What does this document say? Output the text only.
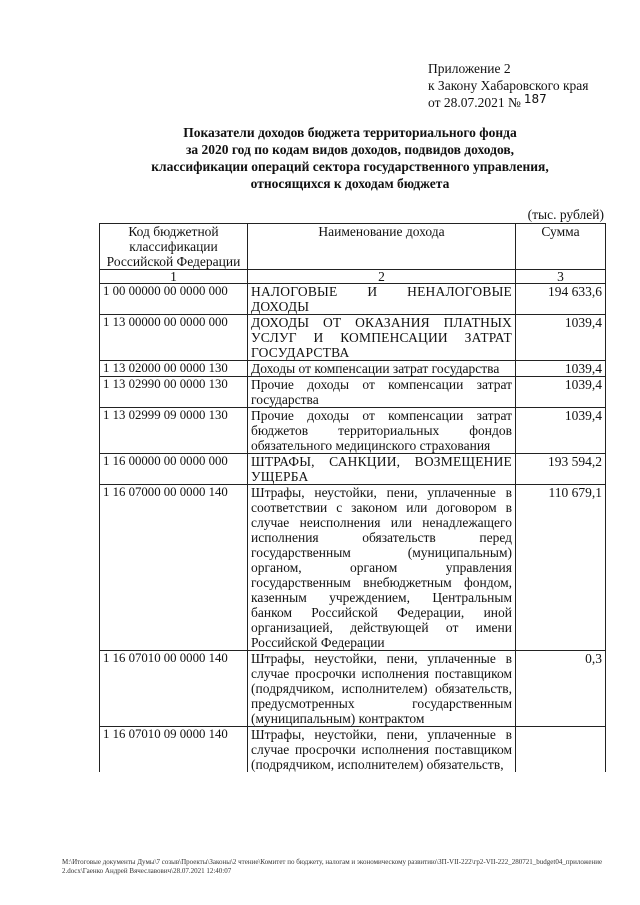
Приложение 2
к Закону Хабаровского края
от 28.07.2021 № 187
Показатели доходов бюджета территориального фонда
за 2020 год по кодам видов доходов, подвидов доходов,
классификации операций сектора государственного управления,
относящихся к доходам бюджета
(тыс. рублей)
Код бюджетной классификации Российской Федерации	Наименование дохода	Сумма
1	2	3
1 00 00000 00 0000 000	НАЛОГОВЫЕ И НЕНАЛОГОВЫЕ ДОХОДЫ	194 633,6
1 13 00000 00 0000 000	ДОХОДЫ ОТ ОКАЗАНИЯ ПЛАТНЫХ УСЛУГ И КОМПЕНСАЦИИ ЗАТРАТ ГОСУДАРСТВА	1039,4
1 13 02000 00 0000 130	Доходы от компенсации затрат государства	1039,4
1 13 02990 00 0000 130	Прочие доходы от компенсации затрат государства	1039,4
1 13 02999 09 0000 130	Прочие доходы от компенсации затрат бюджетов территориальных фондов обязательного медицинского страхования	1039,4
1 16 00000 00 0000 000	ШТРАФЫ, САНКЦИИ, ВОЗМЕЩЕНИЕ УЩЕРБА	193 594,2
1 16 07000 00 0000 140	Штрафы, неустойки, пени, уплаченные в соответствии с законом или договором в случае неисполнения или ненадлежащего исполнения обязательств перед государственным (муниципальным) органом, органом управления государственным внебюджетным фондом, казенным учреждением, Центральным банком Российской Федерации, иной организацией, действующей от имени Российской Федерации	110 679,1
1 16 07010 00 0000 140	Штрафы, неустойки, пени, уплаченные в случае просрочки исполнения поставщиком (подрядчиком, исполнителем) обязательств, предусмотренных государственным (муниципальным) контрактом	0,3
1 16 07010 09 0000 140	Штрафы, неустойки, пени, уплаченные в случае просрочки исполнения поставщиком (подрядчиком, исполнителем) обязательств,	
M:\Итоговые документы Думы\7 созыв\Проекты\Законы\2 чтение\Комитет по бюджету, налогам и экономическому развитию\ЗП-VII-222\гр2-VII-222_280721_budget04_приложение 2.docx\Гаенко Андрей Вячеславович\28.07.2021 12:40:07
